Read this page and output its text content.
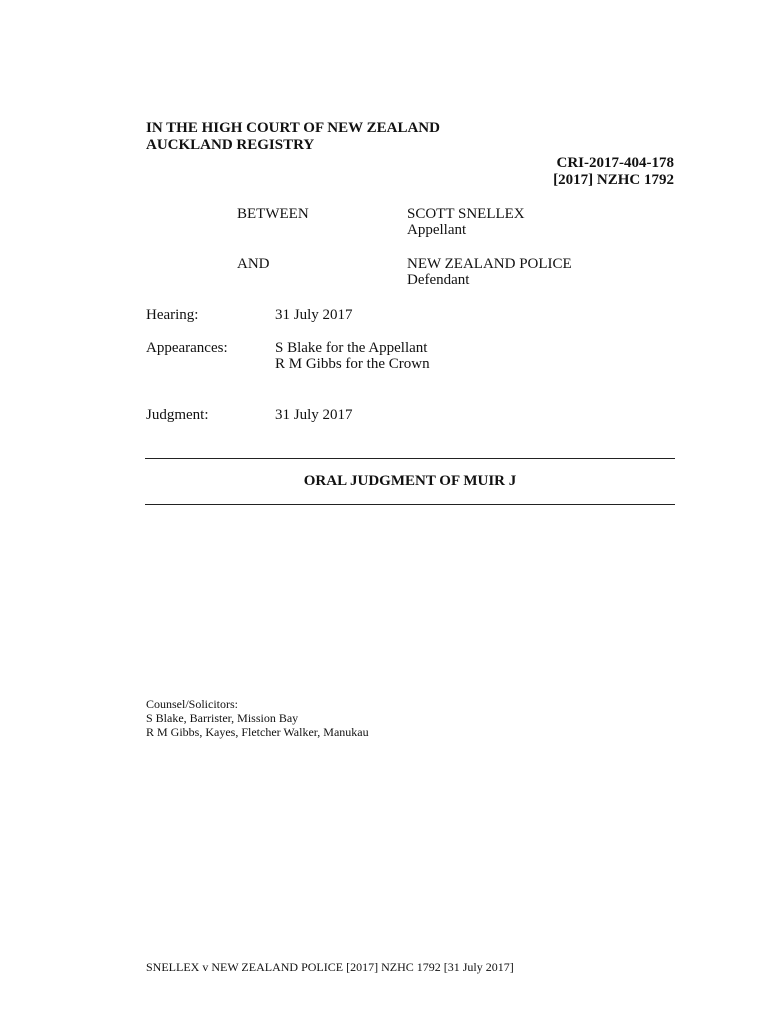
IN THE HIGH COURT OF NEW ZEALAND
AUCKLAND REGISTRY
CRI-2017-404-178
[2017] NZHC 1792
BETWEEN	SCOTT SNELLEX
Appellant
AND	NEW ZEALAND POLICE
Defendant
Hearing:	31 July 2017
Appearances:	S Blake for the Appellant
R M Gibbs for the Crown
Judgment:	31 July 2017
ORAL JUDGMENT OF MUIR J
Counsel/Solicitors:
S Blake, Barrister, Mission Bay
R M Gibbs, Kayes, Fletcher Walker, Manukau
SNELLEX v NEW ZEALAND POLICE [2017] NZHC 1792 [31 July 2017]
